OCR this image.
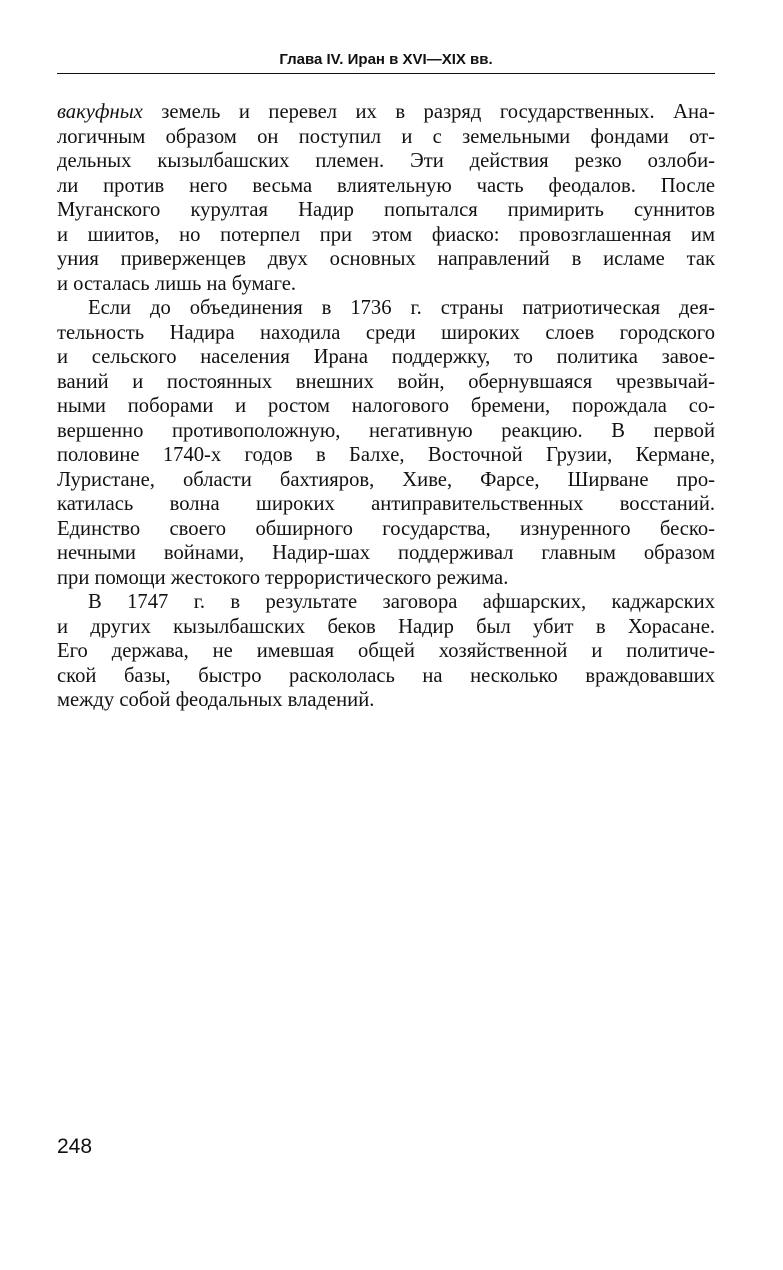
Глава IV. Иран в XVI—XIX вв.
вакуфных земель и перевел их в разряд государственных. Ана-
логичным образом он поступил и с земельными фондами от-
дельных кызылбашских племен. Эти действия резко озлоби-
ли против него весьма влиятельную часть феодалов. После
Муганского курултая Надир попытался примирить суннитов
и шиитов, но потерпел при этом фиаско: провозглашенная им
уния приверженцев двух основных направлений в исламе так
и осталась лишь на бумаге.
Если до объединения в 1736 г. страны патриотическая дея-
тельность Надира находила среди широких слоев городского
и сельского населения Ирана поддержку, то политика завое-
ваний и постоянных внешних войн, обернувшаяся чрезвычай-
ными поборами и ростом налогового бремени, порождала со-
вершенно противоположную, негативную реакцию. В первой
половине 1740-х годов в Балхе, Восточной Грузии, Кермане,
Луристане, области бахтияров, Хиве, Фарсе, Ширване про-
катилась волна широких антиправительственных восстаний.
Единство своего обширного государства, изнуренного беско-
нечными войнами, Надир-шах поддерживал главным образом
при помощи жестокого террористического режима.
В 1747 г. в результате заговора афшарских, каджарских
и других кызылбашских беков Надир был убит в Хорасане.
Его держава, не имевшая общей хозяйственной и политиче-
ской базы, быстро раскололась на несколько враждовавших
между собой феодальных владений.
248
